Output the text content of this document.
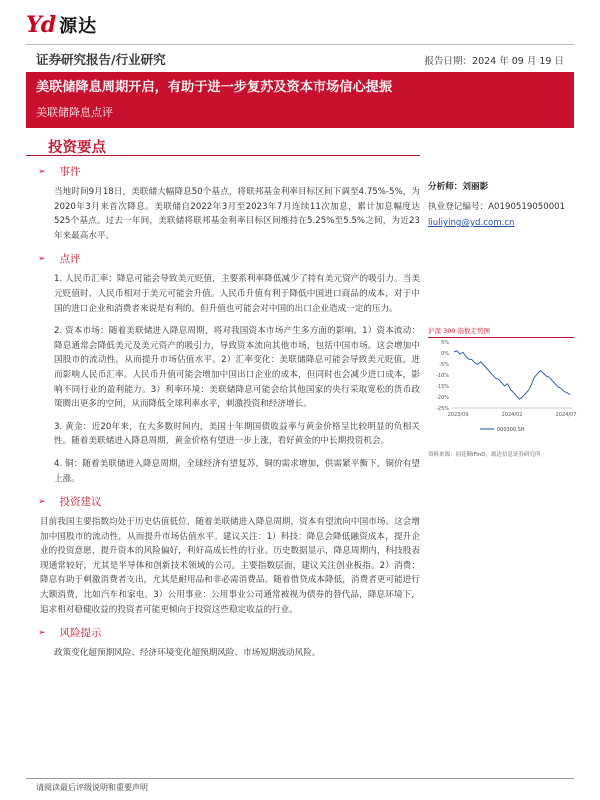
Yd 源达
证券研究报告/行业研究	报告日期：2024 年 09 月 19 日
美联储降息周期开启，有助于进一步复苏及资本市场信心提振
美联储降息点评
投资要点
➢ 事件

当地时间9月18日，美联储大幅降息50个基点，将联邦基金利率目标区间下调至4.75%-5%，为2020年3月来首次降息。美联储自2022年3月至2023年7月连续11次加息，累计加息幅度达525个基点。过去一年间，美联储将联邦基金利率目标区间维持在5.25%至5.5%之间，为近23年来最高水平。

➢ 点评

1. 人民币汇率：降息可能会导致美元贬值，主要系利率降低减少了持有美元资产的吸引力。当美元贬值时，人民币相对于美元可能会升值。人民币升值有利于降低中国进口商品的成本，对于中国的进口企业和消费者来说是有利的。但升值也可能会对中国的出口企业造成一定的压力。

2. 资本市场：随着美联储进入降息周期，将对我国资本市场产生多方面的影响。1）资本流动：降息通常会降低美元及美元资产的吸引力，导致资本流向其他市场，包括中国市场。这会增加中国股市的流动性，从而提升市场估值水平。2）汇率变化：美联储降息可能会导致美元贬值，进而影响人民币汇率。人民币升值可能会增加中国出口企业的成本，但同时也会减少进口成本，影响不同行业的盈利能力。3）利率环境：美联储降息可能会给其他国家的央行采取宽松的货币政策腾出更多的空间，从而降低全球利率水平，刺激投资和经济增长。

3. 黄金：近20年来，在大多数时间内，美国十年期国债收益率与黄金价格呈比较明显的负相关性。随着美联储进入降息周期，黄金价格有望进一步上涨，看好黄金的中长期投资机会。

4. 铜：随着美联储进入降息周期，全球经济有望复苏，铜的需求增加，供需紧平衡下，铜价有望上涨。

➢ 投资建议

目前我国主要指数均处于历史估值低位，随着美联储进入降息周期，资本有望流向中国市场。这会增加中国股市的流动性，从而提升市场估值水平。建议关注：1）科技：降息会降低融资成本，提升企业的投资意愿，提升资本的风险偏好，利好高成长性的行业。历史数据显示，降息周期内，科技股表现通常较好，尤其是半导体和创新技术领域的公司。主要指数层面，建议关注创业板指。2）消费：降息有助于刺激消费者支出，尤其是耐用品和非必需消费品。随着借贷成本降低，消费者更可能进行大额消费，比如汽车和家电。3）公用事业：公用事业公司通常被视为债券的替代品，降息环境下，追求相对稳健收益的投资者可能更倾向于投资这些稳定收益的行业。

➢ 风险提示

政策变化超预期风险、经济环境变化超预期风险、市场短期波动风险。

分析师：刘丽影
执业登记编号：A0190519050001
liuliying@yd.com.cn
沪深 300 指数走势图
5%
0%
-5%
-10%
-15%
-20%
-25%
2023/09	2024/02	2024/07
000300.SH
资料来源：同花顺iFinD，源达信息证券研究所
请阅读最后评级说明和重要声明
